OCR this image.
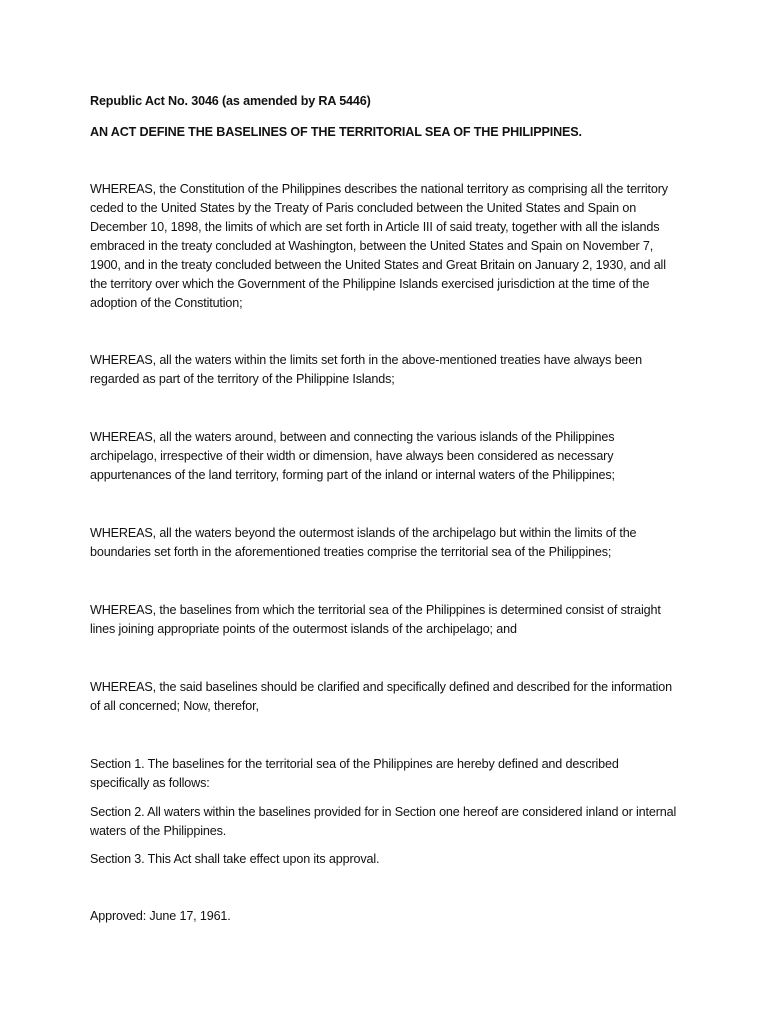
Republic Act No. 3046 (as amended by RA 5446)

AN ACT DEFINE THE BASELINES OF THE TERRITORIAL SEA OF THE PHILIPPINES.

WHEREAS, the Constitution of the Philippines describes the national territory as comprising all the territory ceded to the United States by the Treaty of Paris concluded between the United States and Spain on December 10, 1898, the limits of which are set forth in Article III of said treaty, together with all the islands embraced in the treaty concluded at Washington, between the United States and Spain on November 7, 1900, and in the treaty concluded between the United States and Great Britain on January 2, 1930, and all the territory over which the Government of the Philippine Islands exercised jurisdiction at the time of the adoption of the Constitution;

WHEREAS, all the waters within the limits set forth in the above-mentioned treaties have always been regarded as part of the territory of the Philippine Islands;

WHEREAS, all the waters around, between and connecting the various islands of the Philippines archipelago, irrespective of their width or dimension, have always been considered as necessary appurtenances of the land territory, forming part of the inland or internal waters of the Philippines;

WHEREAS, all the waters beyond the outermost islands of the archipelago but within the limits of the boundaries set forth in the aforementioned treaties comprise the territorial sea of the Philippines;

WHEREAS, the baselines from which the territorial sea of the Philippines is determined consist of straight lines joining appropriate points of the outermost islands of the archipelago; and

WHEREAS, the said baselines should be clarified and specifically defined and described for the information of all concerned; Now, therefor,

Section 1. The baselines for the territorial sea of the Philippines are hereby defined and described specifically as follows:

Section 2. All waters within the baselines provided for in Section one hereof are considered inland or internal waters of the Philippines.

Section 3. This Act shall take effect upon its approval.

Approved: June 17, 1961.
